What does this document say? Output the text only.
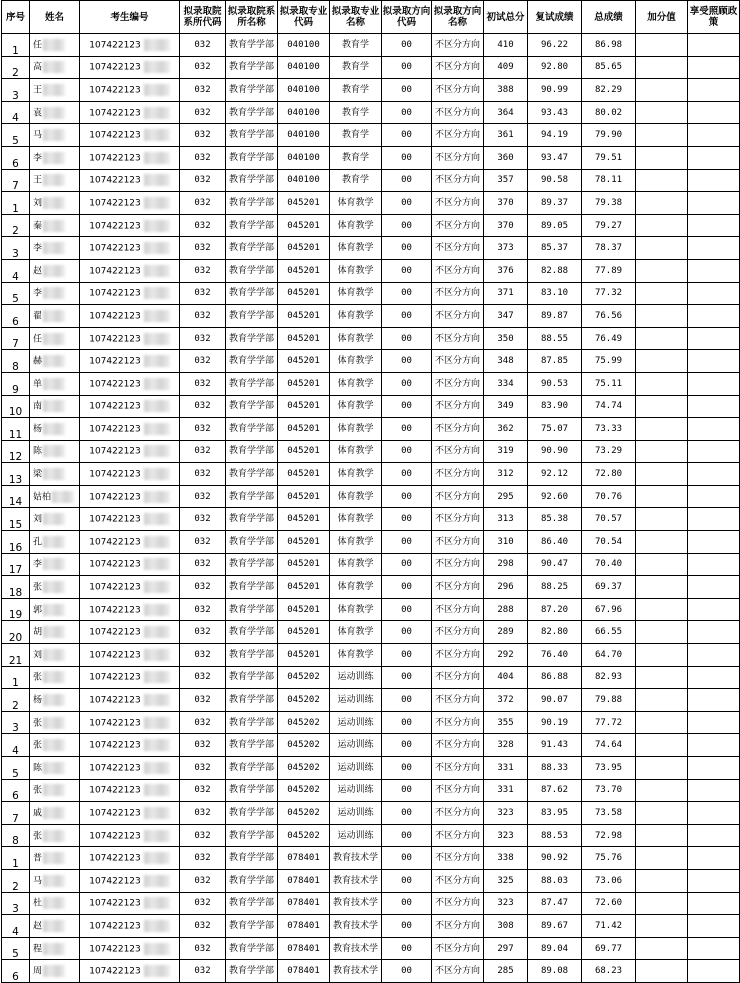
序号	姓名	考生编号	拟录取院系所代码	拟录取院系所名称	拟录取专业代码	拟录取专业名称	拟录取方向代码	拟录取方向名称	初试总分	复试成绩	总成绩	加分值	享受照顾政策
1	任	107422123	032	教育学学部	040100	教育学	00	不区分方向	410	96.22	86.98		
2	高	107422123	032	教育学学部	040100	教育学	00	不区分方向	409	92.80	85.65		
3	王	107422123	032	教育学学部	040100	教育学	00	不区分方向	388	90.99	82.29		
4	袁	107422123	032	教育学学部	040100	教育学	00	不区分方向	364	93.43	80.02		
5	马	107422123	032	教育学学部	040100	教育学	00	不区分方向	361	94.19	79.90		
6	李	107422123	032	教育学学部	040100	教育学	00	不区分方向	360	93.47	79.51		
7	王	107422123	032	教育学学部	040100	教育学	00	不区分方向	357	90.58	78.11		
1	刘	107422123	032	教育学学部	045201	体育教学	00	不区分方向	370	89.37	79.38		
2	秦	107422123	032	教育学学部	045201	体育教学	00	不区分方向	370	89.05	79.27		
3	李	107422123	032	教育学学部	045201	体育教学	00	不区分方向	373	85.37	78.37		
4	赵	107422123	032	教育学学部	045201	体育教学	00	不区分方向	376	82.88	77.89		
5	李	107422123	032	教育学学部	045201	体育教学	00	不区分方向	371	83.10	77.32		
6	翟	107422123	032	教育学学部	045201	体育教学	00	不区分方向	347	89.87	76.56		
7	任	107422123	032	教育学学部	045201	体育教学	00	不区分方向	350	88.55	76.49		
8	赫	107422123	032	教育学学部	045201	体育教学	00	不区分方向	348	87.85	75.99		
9	单	107422123	032	教育学学部	045201	体育教学	00	不区分方向	334	90.53	75.11		
10	南	107422123	032	教育学学部	045201	体育教学	00	不区分方向	349	83.90	74.74		
11	杨	107422123	032	教育学学部	045201	体育教学	00	不区分方向	362	75.07	73.33		
12	陈	107422123	032	教育学学部	045201	体育教学	00	不区分方向	319	90.90	73.29		
13	梁	107422123	032	教育学学部	045201	体育教学	00	不区分方向	312	92.12	72.80		
14	姑柏	107422123	032	教育学学部	045201	体育教学	00	不区分方向	295	92.60	70.76		
15	刘	107422123	032	教育学学部	045201	体育教学	00	不区分方向	313	85.38	70.57		
16	孔	107422123	032	教育学学部	045201	体育教学	00	不区分方向	310	86.40	70.54		
17	李	107422123	032	教育学学部	045201	体育教学	00	不区分方向	298	90.47	70.40		
18	张	107422123	032	教育学学部	045201	体育教学	00	不区分方向	296	88.25	69.37		
19	郭	107422123	032	教育学学部	045201	体育教学	00	不区分方向	288	87.20	67.96		
20	胡	107422123	032	教育学学部	045201	体育教学	00	不区分方向	289	82.80	66.55		
21	刘	107422123	032	教育学学部	045201	体育教学	00	不区分方向	292	76.40	64.70		
1	张	107422123	032	教育学学部	045202	运动训练	00	不区分方向	404	86.88	82.93		
2	杨	107422123	032	教育学学部	045202	运动训练	00	不区分方向	372	90.07	79.88		
3	张	107422123	032	教育学学部	045202	运动训练	00	不区分方向	355	90.19	77.72		
4	张	107422123	032	教育学学部	045202	运动训练	00	不区分方向	328	91.43	74.64		
5	陈	107422123	032	教育学学部	045202	运动训练	00	不区分方向	331	88.33	73.95		
6	张	107422123	032	教育学学部	045202	运动训练	00	不区分方向	331	87.62	73.70		
7	戚	107422123	032	教育学学部	045202	运动训练	00	不区分方向	323	83.95	73.58		
8	张	107422123	032	教育学学部	045202	运动训练	00	不区分方向	323	88.53	72.98		
1	普	107422123	032	教育学学部	078401	教育技术学	00	不区分方向	338	90.92	75.76		
2	马	107422123	032	教育学学部	078401	教育技术学	00	不区分方向	325	88.03	73.06		
3	杜	107422123	032	教育学学部	078401	教育技术学	00	不区分方向	323	87.47	72.60		
4	赵	107422123	032	教育学学部	078401	教育技术学	00	不区分方向	308	89.67	71.42		
5	程	107422123	032	教育学学部	078401	教育技术学	00	不区分方向	297	89.04	69.77		
6	周	107422123	032	教育学学部	078401	教育技术学	00	不区分方向	285	89.08	68.23		
